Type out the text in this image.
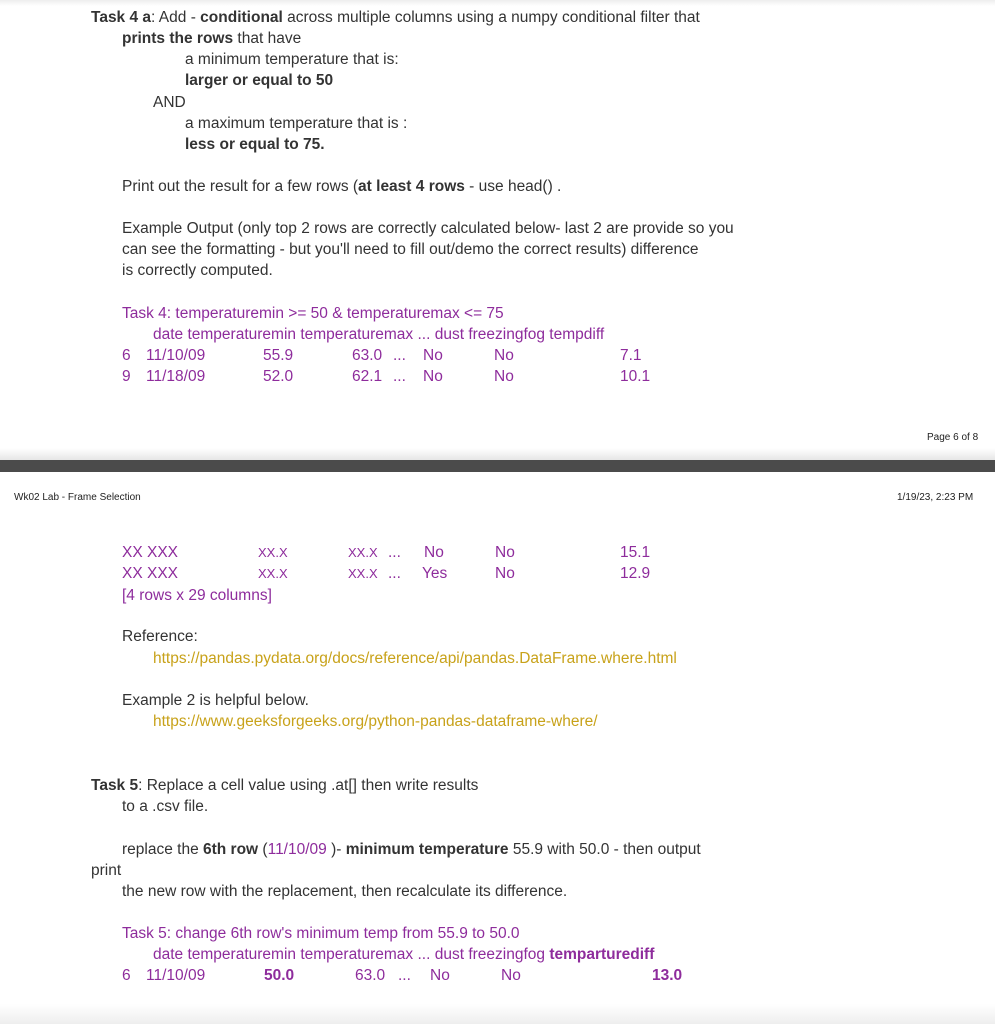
Task 4 a: Add - conditional across multiple columns using a numpy conditional filter that
prints the rows that have
a minimum temperature that is:
larger or equal to 50
AND
a maximum temperature that is :
less or equal to 75.
Print out the result for a few rows (at least 4 rows - use head() .
Example Output (only top 2 rows are correctly calculated below- last 2 are provide so you
can see the formatting - but you'll need to fill out/demo the correct results) difference
is correctly computed.
Task 4: temperaturemin >= 50 & temperaturemax <= 75
date temperaturemin temperaturemax ... dust freezingfog tempdiff
6 11/10/09	55.9	63.0 ... No	No	7.1
9 11/18/09	52.0	62.1 ... No	No	10.1
Page 6 of 8
Wk02 Lab - Frame Selection	1/19/23, 2:23 PM
XX XXX	XX.X	XX.X ... No	No	15.1
XX XXX	XX.X	XX.X ... Yes	No	12.9
[4 rows x 29 columns]
Reference:
https://pandas.pydata.org/docs/reference/api/pandas.DataFrame.where.html
Example 2 is helpful below.
https://www.geeksforgeeks.org/python-pandas-dataframe-where/
Task 5: Replace a cell value using .at[] then write results
to a .csv file.
replace the 6th row (11/10/09 )- minimum temperature 55.9 with 50.0 - then output
print
the new row with the replacement, then recalculate its difference.
Task 5: change 6th row's minimum temp from 55.9 to 50.0
date temperaturemin temperaturemax ... dust freezingfog temparturediff
6 11/10/09	50.0	63.0 ... No	No	13.0
